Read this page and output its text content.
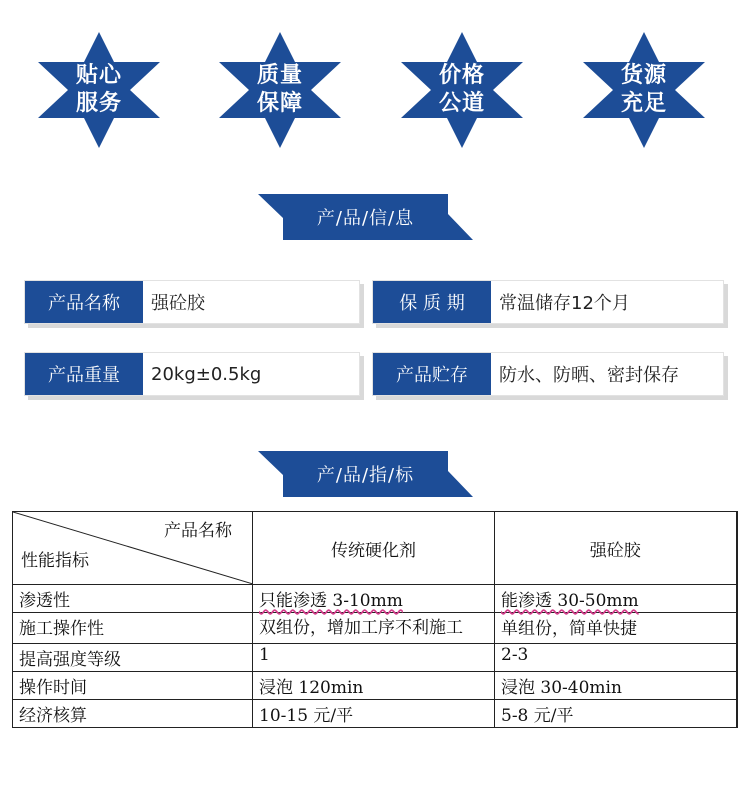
贴心
服务
质量
保障
价格
公道
货源
充足
产/品/信/息
产品名称	强砼胶	保 质 期	常温储存12个月
产品重量	20kg±0.5kg	产品贮存	防水、防晒、密封保存
产/品/指/标
产品名称
性能指标	传统硬化剂	强砼胶
渗透性	只能渗透 3-10mm	能渗透 30-50mm
施工操作性	双组份，增加工序不利施工	单组份，简单快捷
提高强度等级	1	2-3
操作时间	浸泡 120min	浸泡 30-40min
经济核算	10-15 元/平	5-8 元/平
